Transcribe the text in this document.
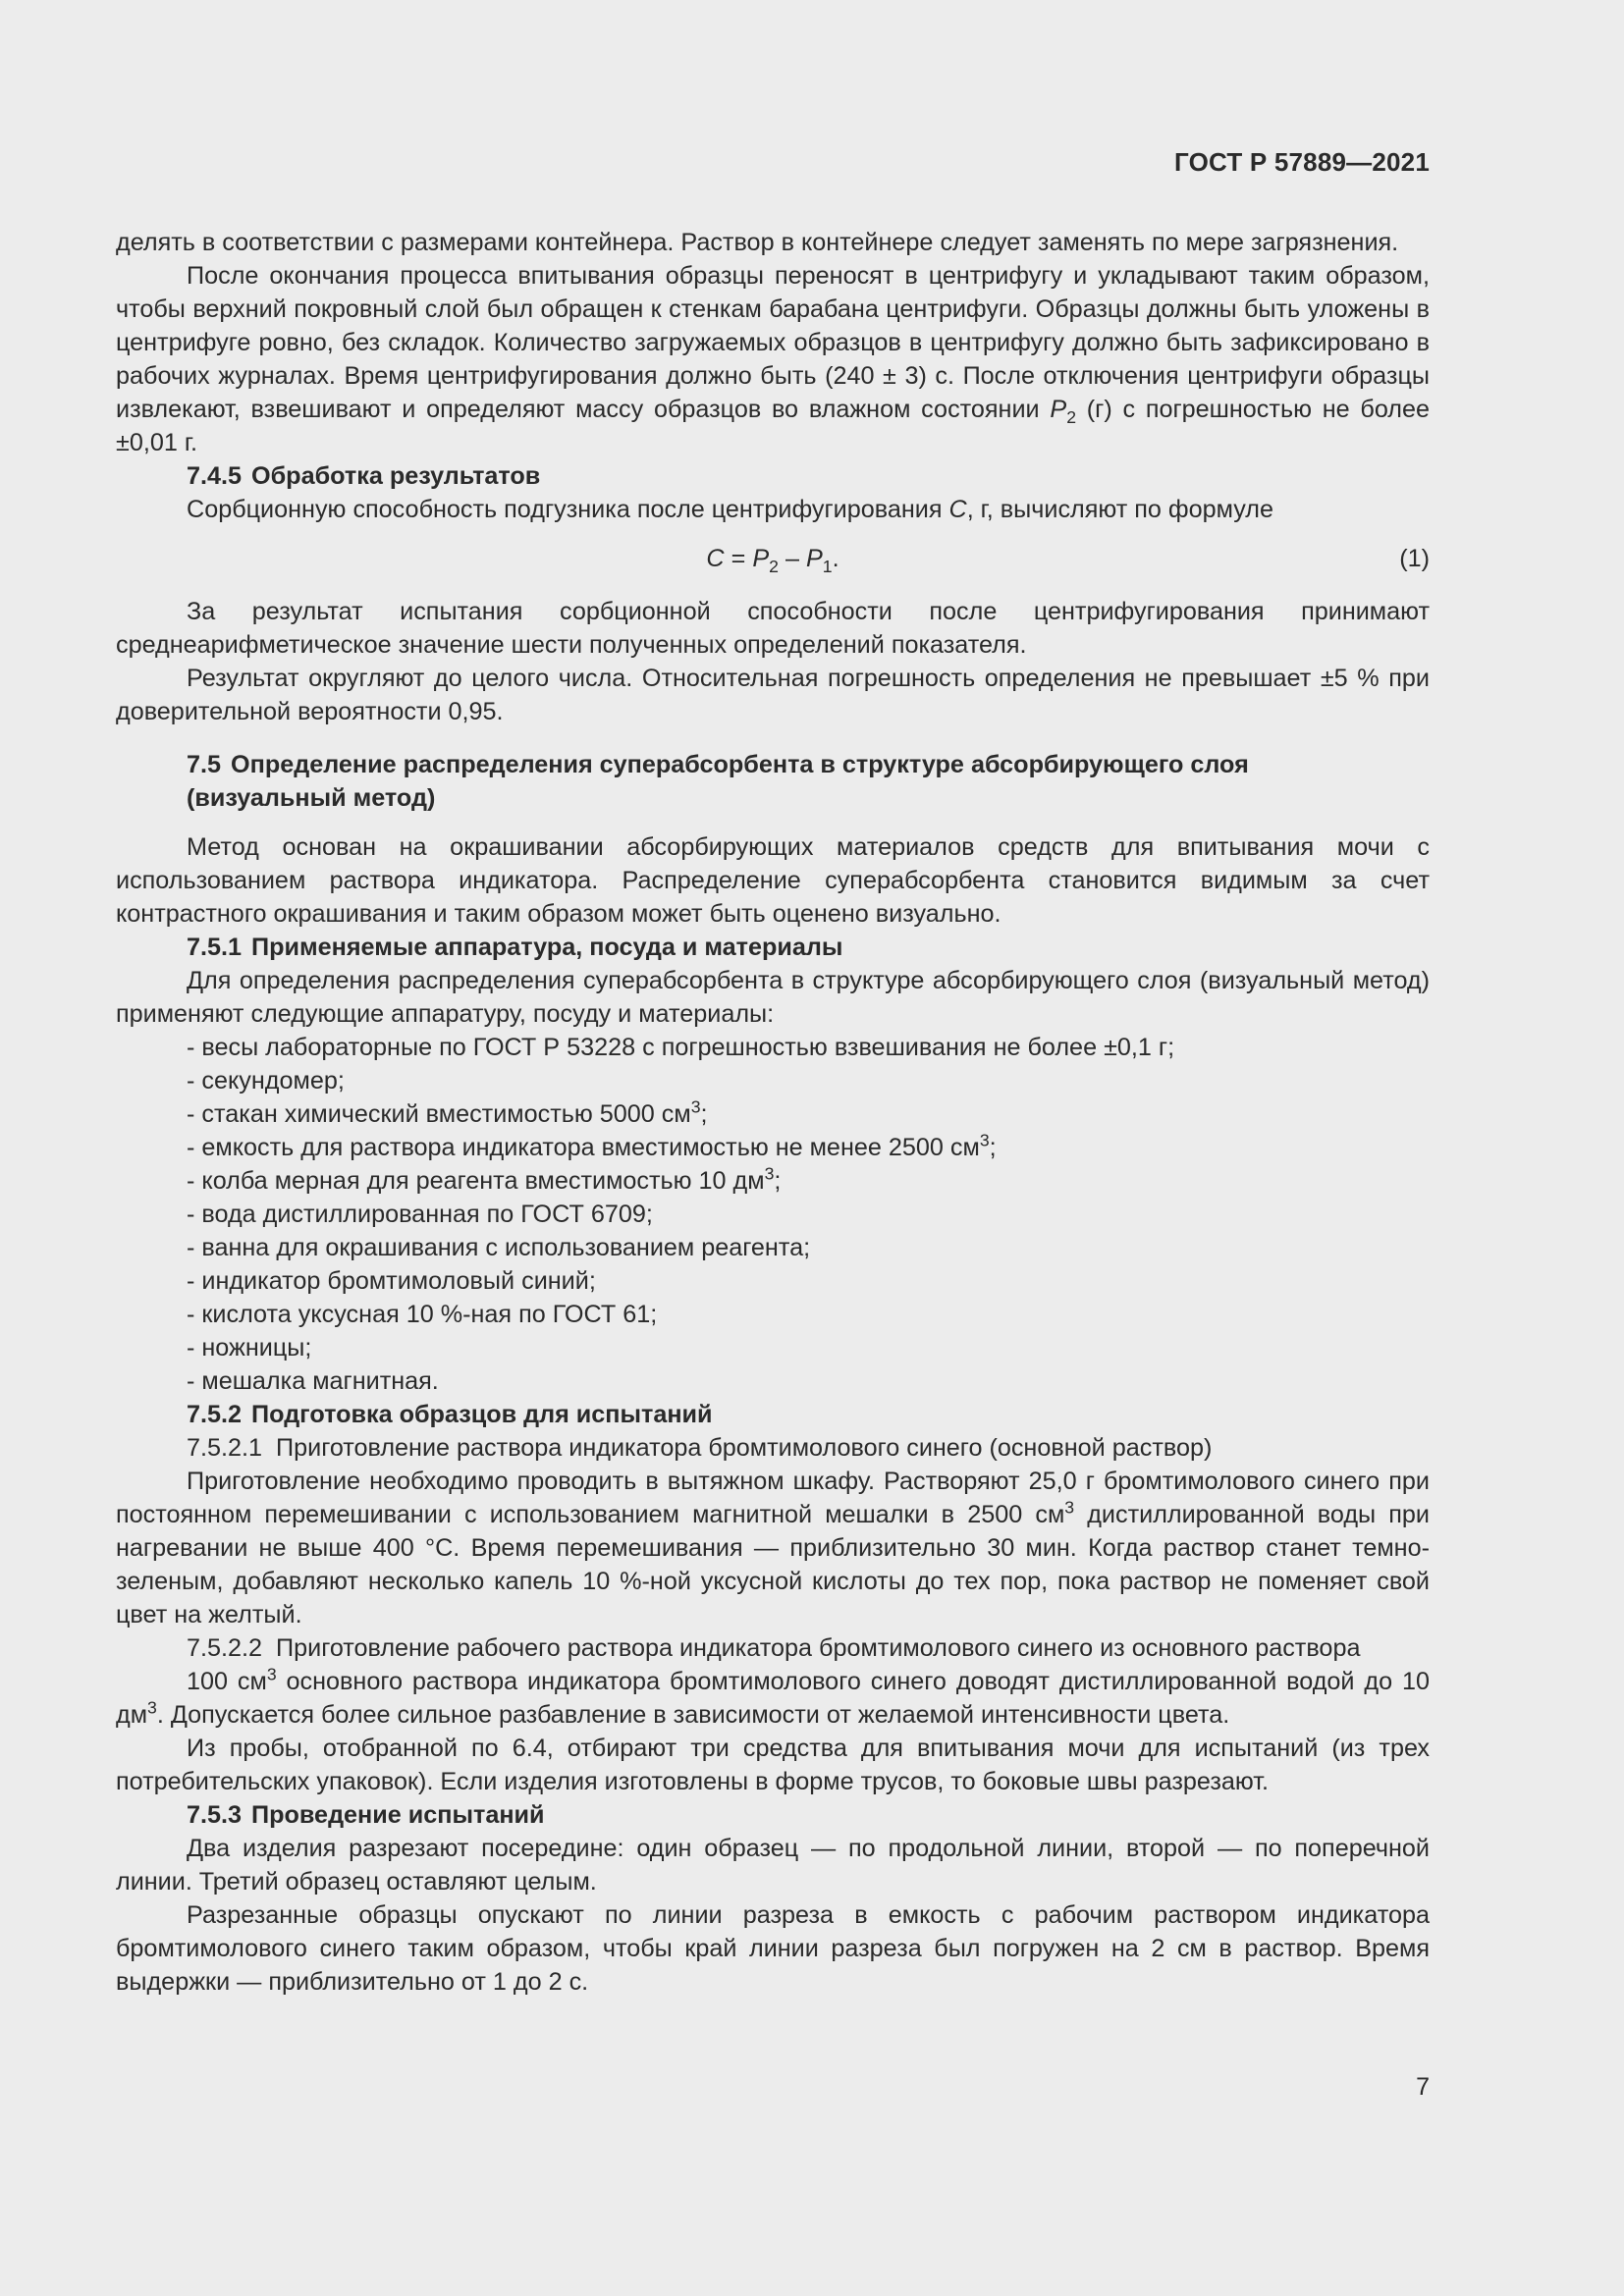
ГОСТ Р 57889—2021

делять в соответствии с размерами контейнера. Раствор в контейнере следует заменять по мере загрязнения.

После окончания процесса впитывания образцы переносят в центрифугу и укладывают таким образом, чтобы верхний покровный слой был обращен к стенкам барабана центрифуги. Образцы должны быть уложены в центрифуге ровно, без складок. Количество загружаемых образцов в центрифугу должно быть зафиксировано в рабочих журналах. Время центрифугирования должно быть (240 ± 3) с. После отключения центрифуги образцы извлекают, взвешивают и определяют массу образцов во влажном состоянии $P_2$ (г) с погрешностью не более ±0,01 г.

7.4.5 Обработка результатов

Сорбционную способность подгузника после центрифугирования C, г, вычисляют по формуле

$C = P_2 - P_1$.	(1)

За результат испытания сорбционной способности после центрифугирования принимают среднеарифметическое значение шести полученных определений показателя.

Результат округляют до целого числа. Относительная погрешность определения не превышает ±5 % при доверительной вероятности 0,95.

7.5 Определение распределения суперабсорбента в структуре абсорбирующего слоя (визуальный метод)

Метод основан на окрашивании абсорбирующих материалов средств для впитывания мочи с использованием раствора индикатора. Распределение суперабсорбента становится видимым за счет контрастного окрашивания и таким образом может быть оценено визуально.

7.5.1 Применяемые аппаратура, посуда и материалы

Для определения распределения суперабсорбента в структуре абсорбирующего слоя (визуальный метод) применяют следующие аппаратуру, посуду и материалы:

- весы лабораторные по ГОСТ Р 53228 с погрешностью взвешивания не более ±0,1 г;

- секундомер;

- стакан химический вместимостью 5000 $см^3$;

- емкость для раствора индикатора вместимостью не менее 2500 $см^3$;

- колба мерная для реагента вместимостью 10 $дм^3$;

- вода дистиллированная по ГОСТ 6709;

- ванна для окрашивания с использованием реагента;

- индикатор бромтимоловый синий;

- кислота уксусная 10 %-ная по ГОСТ 61;

- ножницы;

- мешалка магнитная.

7.5.2 Подготовка образцов для испытаний

7.5.2.1  Приготовление раствора индикатора бромтимолового синего (основной раствор)

Приготовление необходимо проводить в вытяжном шкафу. Растворяют 25,0 г бромтимолового синего при постоянном перемешивании с использованием магнитной мешалки в 2500 $см^3$ дистиллированной воды при нагревании не выше 400 °С. Время перемешивания — приблизительно 30 мин. Когда раствор станет темно-зеленым, добавляют несколько капель 10 %-ной уксусной кислоты до тех пор, пока раствор не поменяет свой цвет на желтый.

7.5.2.2  Приготовление рабочего раствора индикатора бромтимолового синего из основного раствора

100 $см^3$ основного раствора индикатора бромтимолового синего доводят дистиллированной водой до 10 $дм^3$. Допускается более сильное разбавление в зависимости от желаемой интенсивности цвета.

Из пробы, отобранной по 6.4, отбирают три средства для впитывания мочи для испытаний (из трех потребительских упаковок). Если изделия изготовлены в форме трусов, то боковые швы разрезают.

7.5.3 Проведение испытаний

Два изделия разрезают посередине: один образец — по продольной линии, второй — по поперечной линии. Третий образец оставляют целым.

Разрезанные образцы опускают по линии разреза в емкость с рабочим раствором индикатора бромтимолового синего таким образом, чтобы край линии разреза был погружен на 2 см в раствор. Время выдержки — приблизительно от 1 до 2 с.

7
